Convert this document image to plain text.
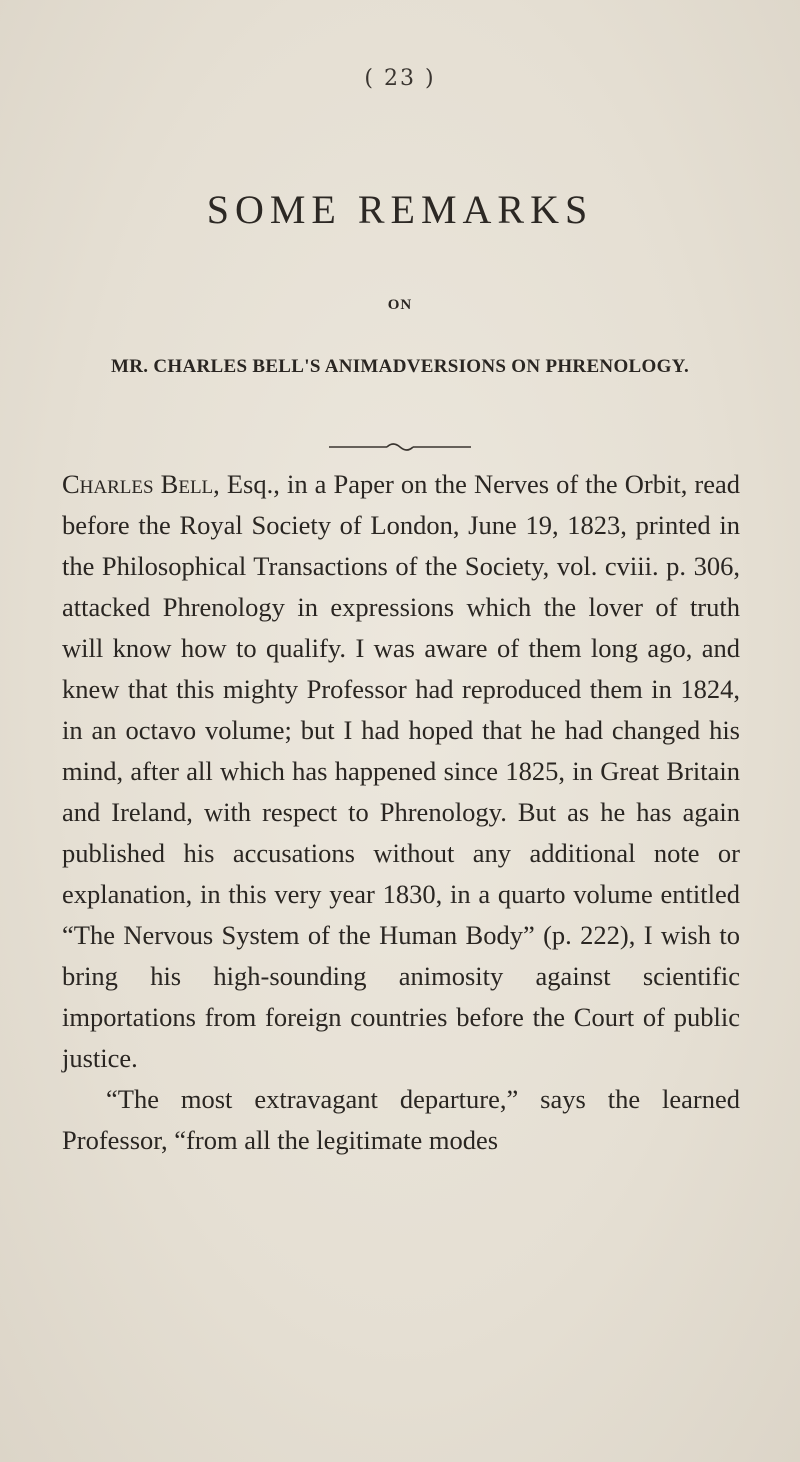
( 23 )
SOME REMARKS
ON
MR. CHARLES BELL'S ANIMADVERSIONS ON PHRENOLOGY.

Charles Bell, Esq., in a Paper on the Nerves of the Orbit, read before the Royal Society of London, June 19, 1823, printed in the Philosophical Transactions of the Society, vol. cviii. p. 306, attacked Phrenology in expressions which the lover of truth will know how to qualify. I was aware of them long ago, and knew that this mighty Professor had reproduced them in 1824, in an octavo volume; but I had hoped that he had changed his mind, after all which has happened since 1825, in Great Britain and Ireland, with respect to Phrenology. But as he has again published his accusations without any additional note or explanation, in this very year 1830, in a quarto volume entitled “The Nervous System of the Human Body” (p. 222), I wish to bring his high-sounding animosity against scientific importations from foreign countries before the Court of public justice.

“The most extravagant departure,” says the learned Professor, “from all the legitimate modes
